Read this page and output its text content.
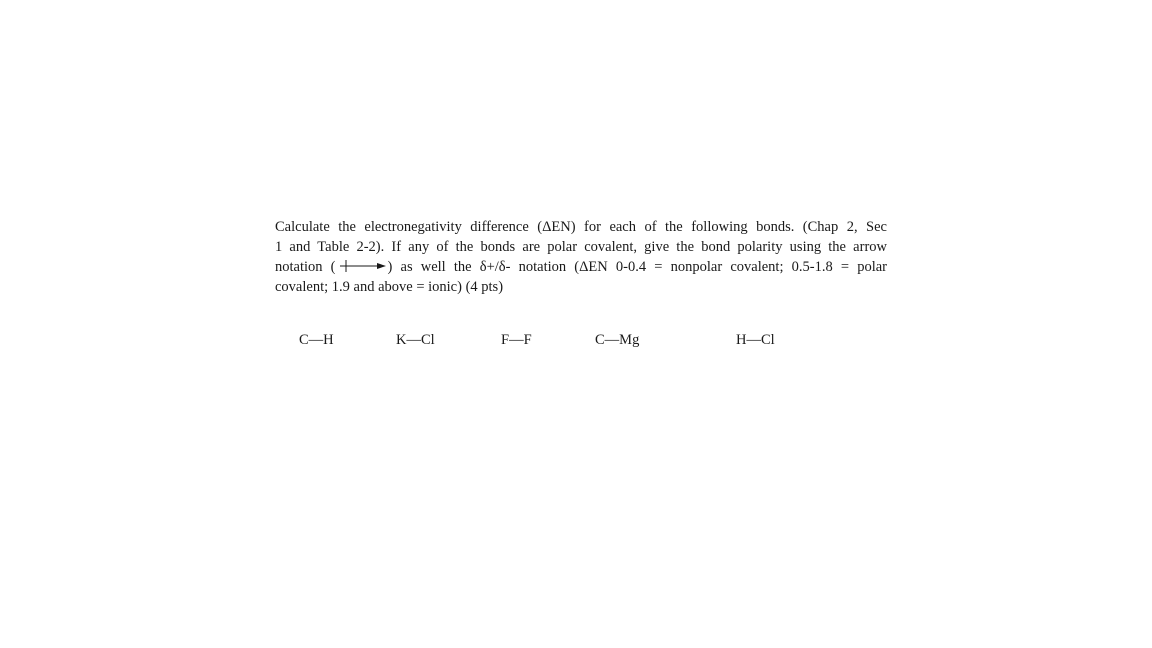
Calculate the electronegativity difference (ΔEN) for each of the following bonds. (Chap 2, Sec
1 and Table 2-2). If any of the bonds are polar covalent, give the bond polarity using the arrow
notation (	) as well the δ+/δ- notation (ΔEN 0-0.4 = nonpolar covalent; 0.5-1.8 = polar
covalent; 1.9 and above = ionic) (4 pts)
C—H	K—Cl	F—F	C—Mg	H—Cl
